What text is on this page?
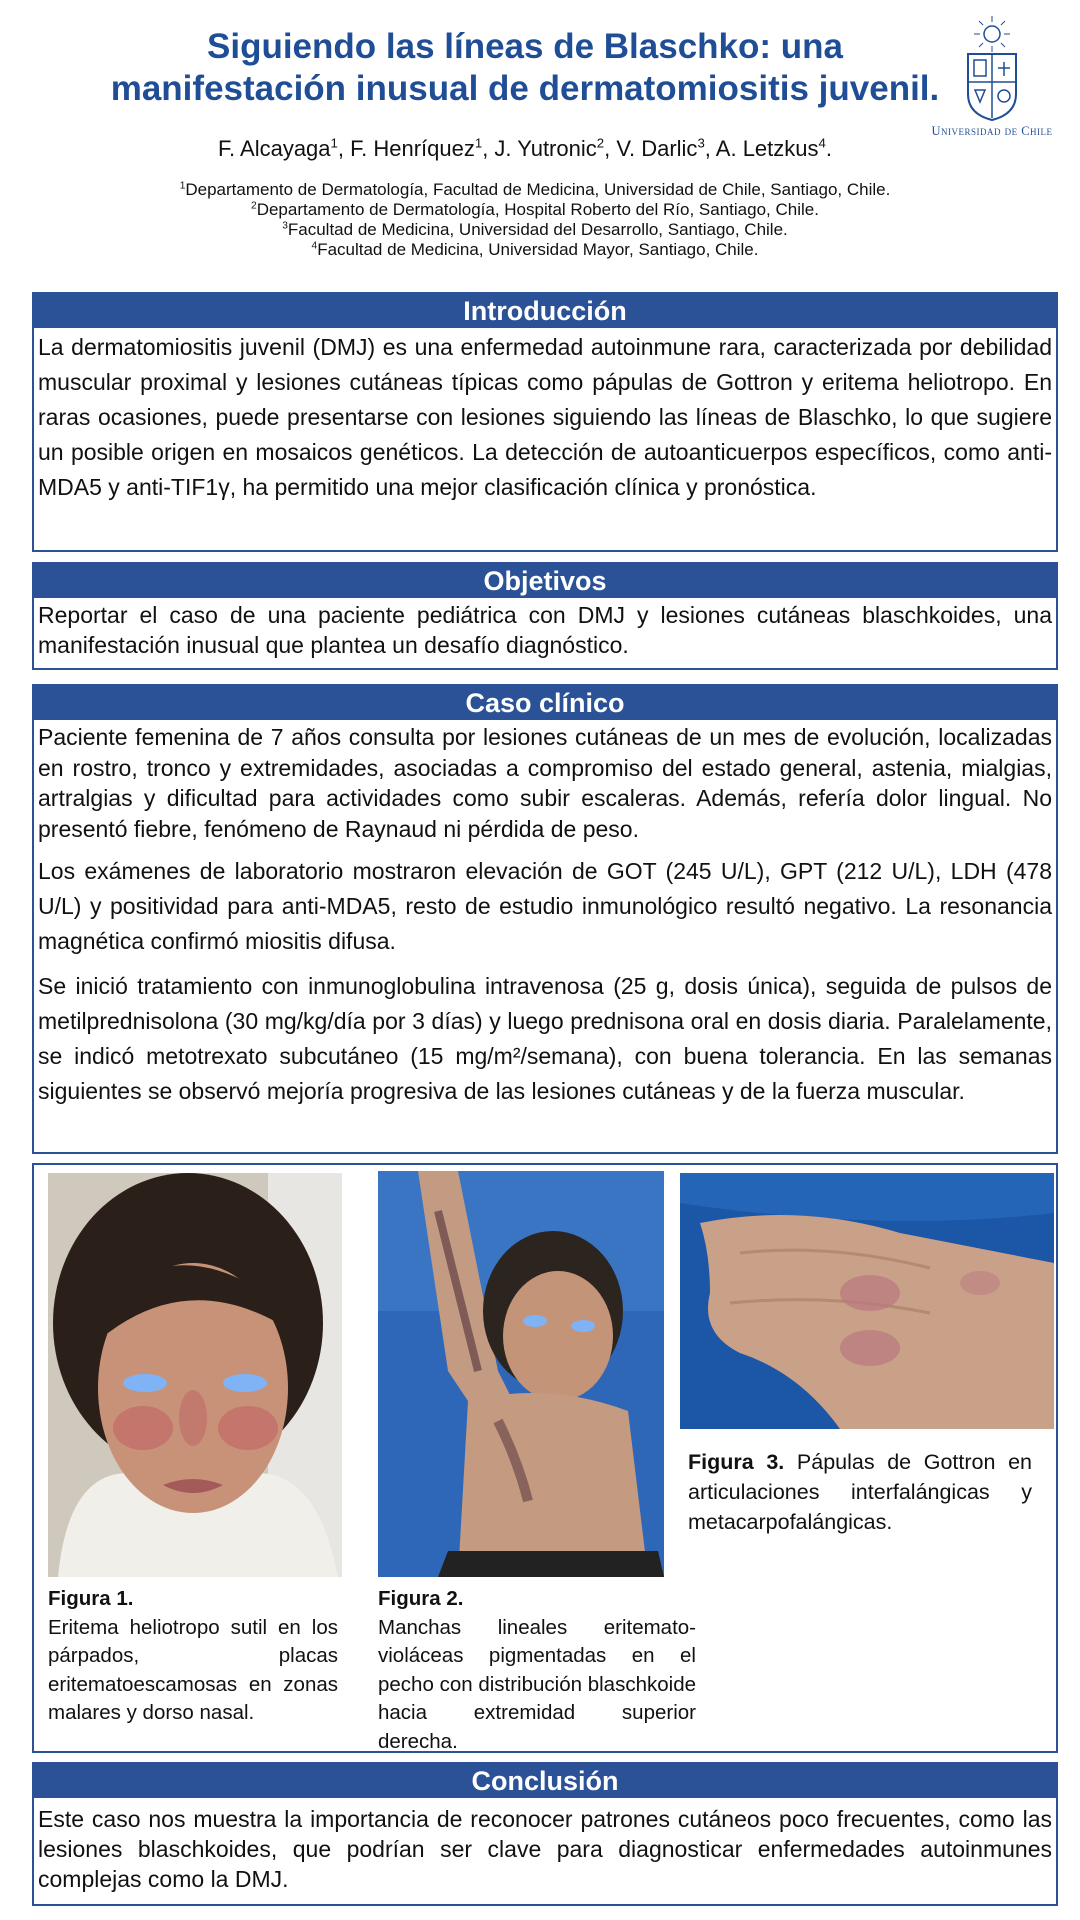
Siguiendo las líneas de Blaschko: una
manifestación inusual de dermatomiositis juvenil.
F. Alcayaga$^1$, F. Henríquez$^1$, J. Yutronic$^2$, V. Darlic$^3$, A. Letzkus$^4$.
$^1$Departamento de Dermatología, Facultad de Medicina, Universidad de Chile, Santiago, Chile.
$^2$Departamento de Dermatología, Hospital Roberto del Río, Santiago, Chile.
$^3$Facultad de Medicina, Universidad del Desarrollo, Santiago, Chile.
$^4$Facultad de Medicina, Universidad Mayor, Santiago, Chile.
Universidad de Chile
Introducción
La dermatomiositis juvenil (DMJ) es una enfermedad autoinmune rara, caracterizada por debilidad muscular proximal y lesiones cutáneas típicas como pápulas de Gottron y eritema heliotropo. En raras ocasiones, puede presentarse con lesiones siguiendo las líneas de Blaschko, lo que sugiere un posible origen en mosaicos genéticos. La detección de autoanticuerpos específicos, como anti-MDA5 y anti-TIF1γ, ha permitido una mejor clasificación clínica y pronóstica.
Objetivos
Reportar el caso de una paciente pediátrica con DMJ y lesiones cutáneas blaschkoides, una manifestación inusual que plantea un desafío diagnóstico.
Caso clínico

Paciente femenina de 7 años consulta por lesiones cutáneas de un mes de evolución, localizadas en rostro, tronco y extremidades, asociadas a compromiso del estado general, astenia, mialgias, artralgias y dificultad para actividades como subir escaleras. Además, refería dolor lingual. No presentó fiebre, fenómeno de Raynaud ni pérdida de peso.

Los exámenes de laboratorio mostraron elevación de GOT (245 U/L), GPT (212 U/L), LDH (478 U/L) y positividad para anti-MDA5, resto de estudio inmunológico resultó negativo. La resonancia magnética confirmó miositis difusa.

Se inició tratamiento con inmunoglobulina intravenosa (25 g, dosis única), seguida de pulsos de metilprednisolona (30 mg/kg/día por 3 días) y luego prednisona oral en dosis diaria. Paralelamente, se indicó metotrexato subcutáneo (15 mg/m²/semana), con buena tolerancia. En las semanas siguientes se observó mejoría progresiva de las lesiones cutáneas y de la fuerza muscular.

Figura 1.
Eritema heliotropo sutil en los párpados, placas eritematoescamosas en zonas malares y dorso nasal.
Figura 2.
Manchas lineales eritemato-violáceas pigmentadas en el pecho con distribución blaschkoide hacia extremidad superior derecha.
Figura 3. Pápulas de Gottron en articulaciones interfalángicas y metacarpofalángicas.
Conclusión
Este caso nos muestra la importancia de reconocer patrones cutáneos poco frecuentes, como las lesiones blaschkoides, que podrían ser clave para diagnosticar enfermedades autoinmunes complejas como la DMJ.
